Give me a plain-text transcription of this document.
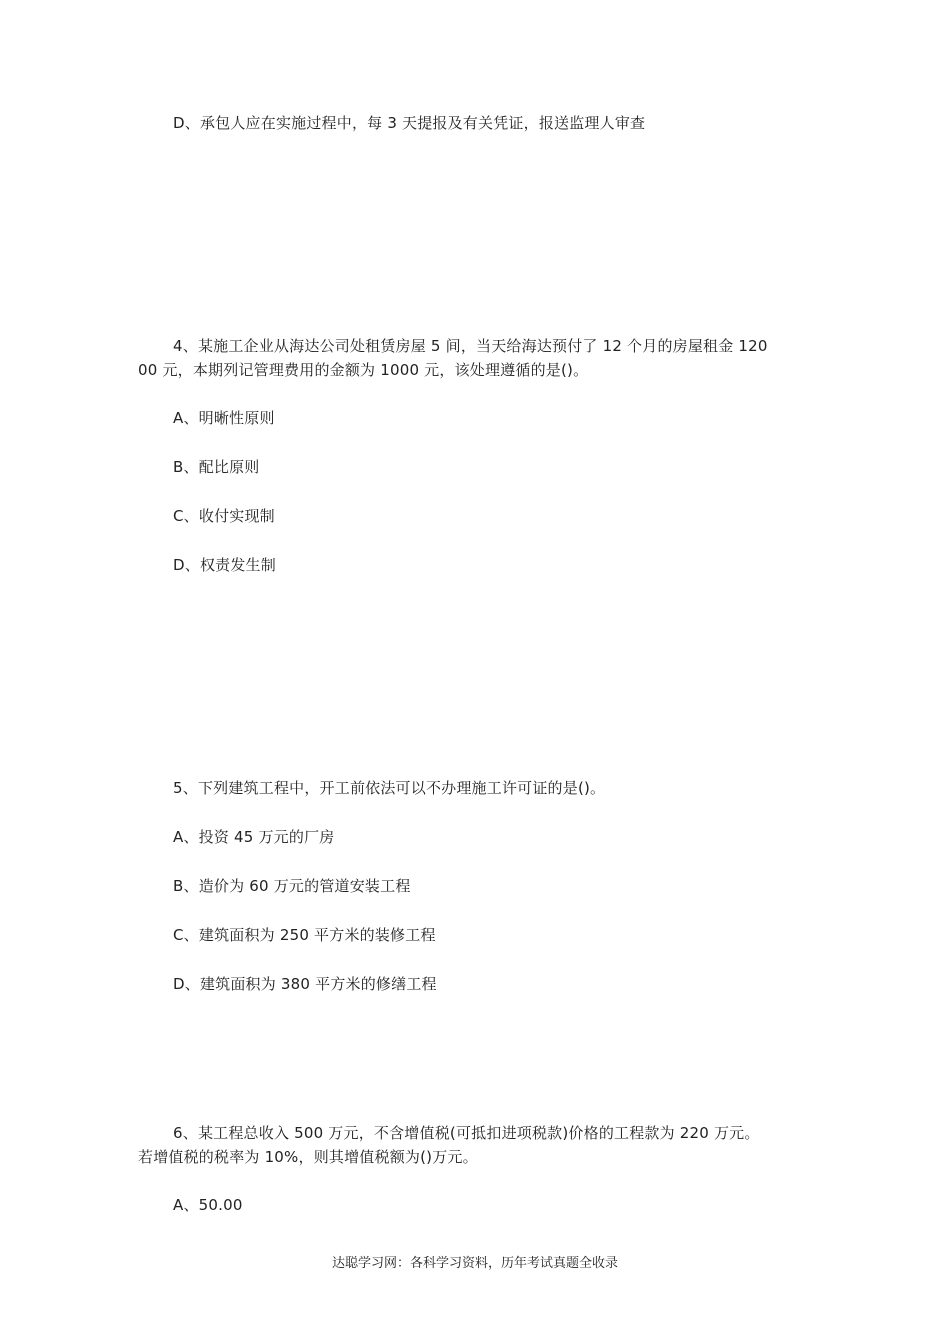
D、承包人应在实施过程中，每 3 天提报及有关凭证，报送监理人审查
4、某施工企业从海达公司处租赁房屋 5 间，当天给海达预付了 12 个月的房屋租金 120
00 元，本期列记管理费用的金额为 1000 元，该处理遵循的是()。
A、明晰性原则
B、配比原则
C、收付实现制
D、权责发生制
5、下列建筑工程中，开工前依法可以不办理施工许可证的是()。
A、投资 45 万元的厂房
B、造价为 60 万元的管道安装工程
C、建筑面积为 250 平方米的装修工程
D、建筑面积为 380 平方米的修缮工程
6、某工程总收入 500 万元，不含增值税(可抵扣进项税款)价格的工程款为 220 万元。
若增值税的税率为 10%，则其增值税额为()万元。
A、50.00
达聪学习网：各科学习资料，历年考试真题全收录
